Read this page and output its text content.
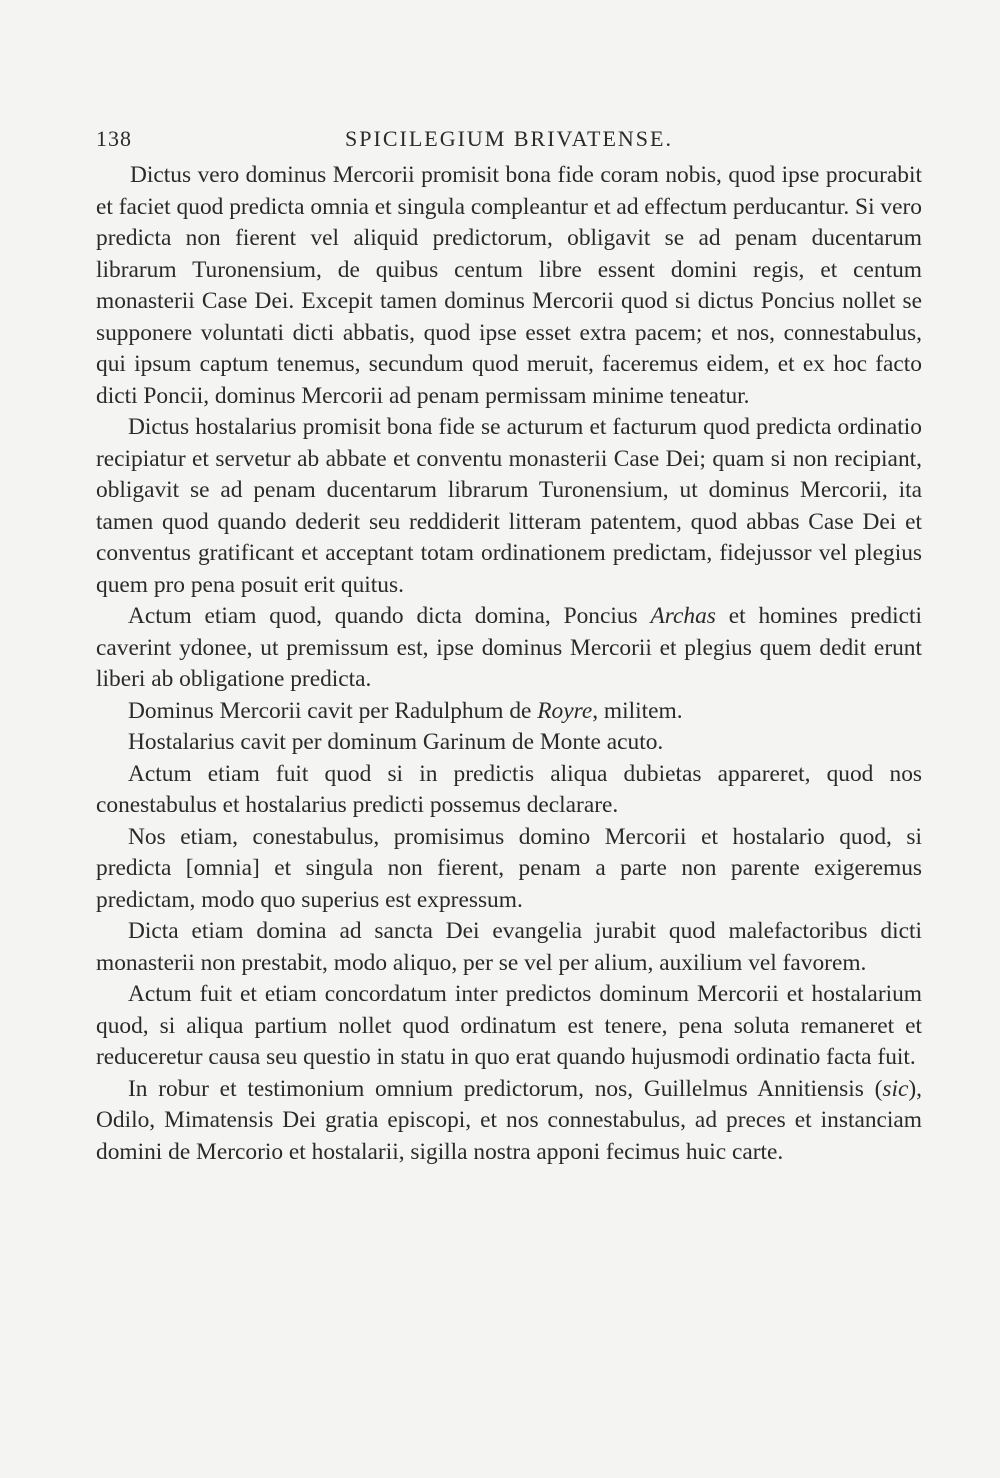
138	SPICILEGIUM BRIVATENSE.

Dictus vero dominus Mercorii promisit bona fide coram nobis, quod ipse procurabit et faciet quod predicta omnia et singula compleantur et ad effectum perducantur. Si vero predicta non fierent vel aliquid predictorum, obligavit se ad penam ducentarum librarum Turonensium, de quibus centum libre essent domini regis, et centum monasterii Case Dei. Excepit tamen dominus Mercorii quod si dictus Poncius nollet se supponere voluntati dicti abbatis, quod ipse esset extra pacem; et nos, connestabulus, qui ipsum captum tenemus, secundum quod meruit, faceremus eidem, et ex hoc facto dicti Poncii, dominus Mercorii ad penam permissam minime teneatur.

Dictus hostalarius promisit bona fide se acturum et facturum quod predicta ordinatio recipiatur et servetur ab abbate et conventu monasterii Case Dei; quam si non recipiant, obligavit se ad penam ducentarum librarum Turonensium, ut dominus Mercorii, ita tamen quod quando dederit seu reddiderit litteram patentem, quod abbas Case Dei et conventus gratificant et acceptant totam ordinationem predictam, fidejussor vel plegius quem pro pena posuit erit quitus.

Actum etiam quod, quando dicta domina, Poncius Archas et homines predicti caverint ydonee, ut premissum est, ipse dominus Mercorii et plegius quem dedit erunt liberi ab obligatione predicta.

Dominus Mercorii cavit per Radulphum de Royre, militem.

Hostalarius cavit per dominum Garinum de Monte acuto.

Actum etiam fuit quod si in predictis aliqua dubietas appareret, quod nos conestabulus et hostalarius predicti possemus declarare.

Nos etiam, conestabulus, promisimus domino Mercorii et hostalario quod, si predicta [omnia] et singula non fierent, penam a parte non parente exigeremus predictam, modo quo superius est expressum.

Dicta etiam domina ad sancta Dei evangelia jurabit quod malefactoribus dicti monasterii non prestabit, modo aliquo, per se vel per alium, auxilium vel favorem.

Actum fuit et etiam concordatum inter predictos dominum Mercorii et hostalarium quod, si aliqua partium nollet quod ordinatum est tenere, pena soluta remaneret et reduceretur causa seu questio in statu in quo erat quando hujusmodi ordinatio facta fuit.

In robur et testimonium omnium predictorum, nos, Guillelmus Annitiensis (sic), Odilo, Mimatensis Dei gratia episcopi, et nos connestabulus, ad preces et instanciam domini de Mercorio et hostalarii, sigilla nostra apponi fecimus huic carte.
